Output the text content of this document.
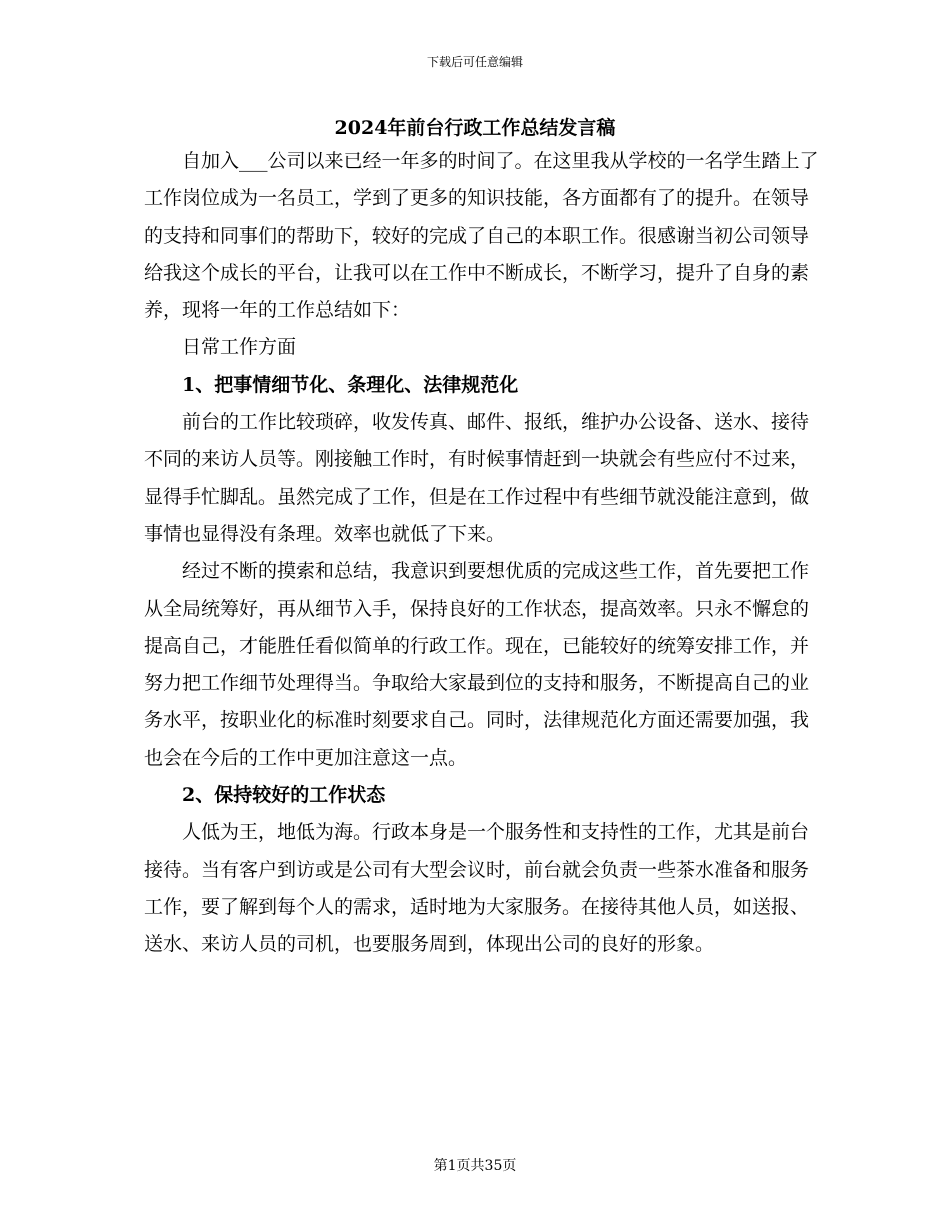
下载后可任意编辑
2024年前台行政工作总结发言稿

自加入___公司以来已经一年多的时间了。在这里我从学校的一名学生踏上了工作岗位成为一名员工，学到了更多的知识技能，各方面都有了的提升。在领导的支持和同事们的帮助下，较好的完成了自己的本职工作。很感谢当初公司领导给我这个成长的平台，让我可以在工作中不断成长，不断学习，提升了自身的素养，现将一年的工作总结如下：

日常工作方面

1、把事情细节化、条理化、法律规范化

前台的工作比较琐碎，收发传真、邮件、报纸，维护办公设备、送水、接待不同的来访人员等。刚接触工作时，有时候事情赶到一块就会有些应付不过来，显得手忙脚乱。虽然完成了工作，但是在工作过程中有些细节就没能注意到，做事情也显得没有条理。效率也就低了下来。

经过不断的摸索和总结，我意识到要想优质的完成这些工作，首先要把工作从全局统筹好，再从细节入手，保持良好的工作状态，提高效率。只永不懈怠的提高自己，才能胜任看似简单的行政工作。现在，已能较好的统筹安排工作，并努力把工作细节处理得当。争取给大家最到位的支持和服务，不断提高自己的业务水平，按职业化的标准时刻要求自己。同时，法律规范化方面还需要加强，我也会在今后的工作中更加注意这一点。

2、保持较好的工作状态

人低为王，地低为海。行政本身是一个服务性和支持性的工作，尤其是前台接待。当有客户到访或是公司有大型会议时，前台就会负责一些茶水准备和服务工作，要了解到每个人的需求，适时地为大家服务。在接待其他人员，如送报、送水、来访人员的司机，也要服务周到，体现出公司的良好的形象。

第1页共35页
